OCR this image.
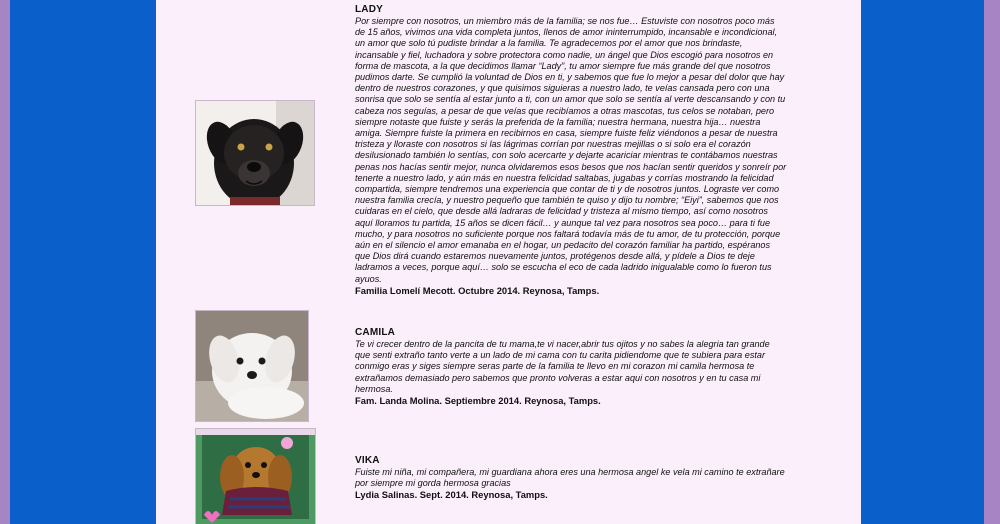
LADY
Por siempre con nosotros, un miembro más de la familia; se nos fue… Estuviste con nosotros poco más de 15 años, vivimos una vida completa juntos, llenos de amor ininterrumpido, incansable e incondicional, un amor que solo tú pudiste brindar a la familia. Te agradecemos por el amor que nos brindaste, incansable y fiel, luchadora y sobre protectora como nadie, un ángel que Dios escogió para nosotros en forma de mascota, a la que decidimos llamar “Lady”, tu amor siempre fue más grande del que nosotros pudimos darte. Se cumplió la voluntad de Dios en ti, y sabemos que fue lo mejor a pesar del dolor que hay dentro de nuestros corazones, y que quisimos siguieras a nuestro lado, te veías cansada pero con una sonrisa que solo se sentía al estar junto a ti, con un amor que solo se sentía al verte descansando y con tu cabeza nos seguías, a pesar de que veías que recibíamos a otras mascotas, tus celos se notaban, pero siempre notaste que fuiste y serás la preferida de la familia; nuestra hermana, nuestra hija… nuestra amiga. Siempre fuiste la primera en recibirnos en casa, siempre fuiste feliz viéndonos a pesar de nuestra tristeza y lloraste con nosotros si las lágrimas corrían por nuestras mejillas o si solo era el corazón desilusionado también lo sentías, con solo acercarte y dejarte acariciar mientras te contábamos nuestras penas nos hacías sentir mejor, nunca olvidaremos esos besos que nos hacían sentir queridos y sonreír por tenerte a nuestro lado, y aún más en nuestra felicidad saltabas, jugabas y corrías mostrando la felicidad compartida, siempre tendremos una experiencia que contar de ti y de nosotros juntos. Lograste ver como nuestra familia crecía, y nuestro pequeño que también te quiso y dijo tu nombre; “Eiyi”, sabemos que nos cuidaras en el cielo, que desde allá ladraras de felicidad y tristeza al mismo tiempo, así como nosotros aquí lloramos tu partida, 15 años se dicen fácil… y aunque tal vez para nosotros sea poco… para ti fue mucho, y para nosotros no suficiente porque nos faltará todavía más de tu amor, de tu protección, porque aún en el silencio el amor emanaba en el hogar, un pedacito del corazón familiar ha partido, espéranos que Dios dirá cuando estaremos nuevamente juntos, protégenos desde allá, y pídele a Dios te deje ladramos a veces, porque aquí… solo se escucha el eco de cada ladrido inigualable como lo fueron tus ayuos.
Familia Lomelí Mecott. Octubre 2014. Reynosa, Tamps.
CAMILA
Te vi crecer dentro de la pancita de tu mama,te vi nacer,abrir tus ojitos y no sabes la alegria tan grande que senti extraño tanto verte a un lado de mi cama con tu carita pidiendome que te subiera para estar conmigo eras y siges siempre seras parte de la familia te llevo en mi corazon mi camila hermosa te extrañamos demasiado pero sabemos que pronto volveras a estar aqui con nosotros y en tu casa mi hermosa.
Fam. Landa Molina. Septiembre 2014. Reynosa, Tamps.
VIKA
Fuiste mi niña, mi compañera, mi guardiana ahora eres una hermosa angel ke vela mi camino te extrañare por siempre mi gorda hermosa gracias
Lydia Salinas. Sept. 2014. Reynosa, Tamps.
